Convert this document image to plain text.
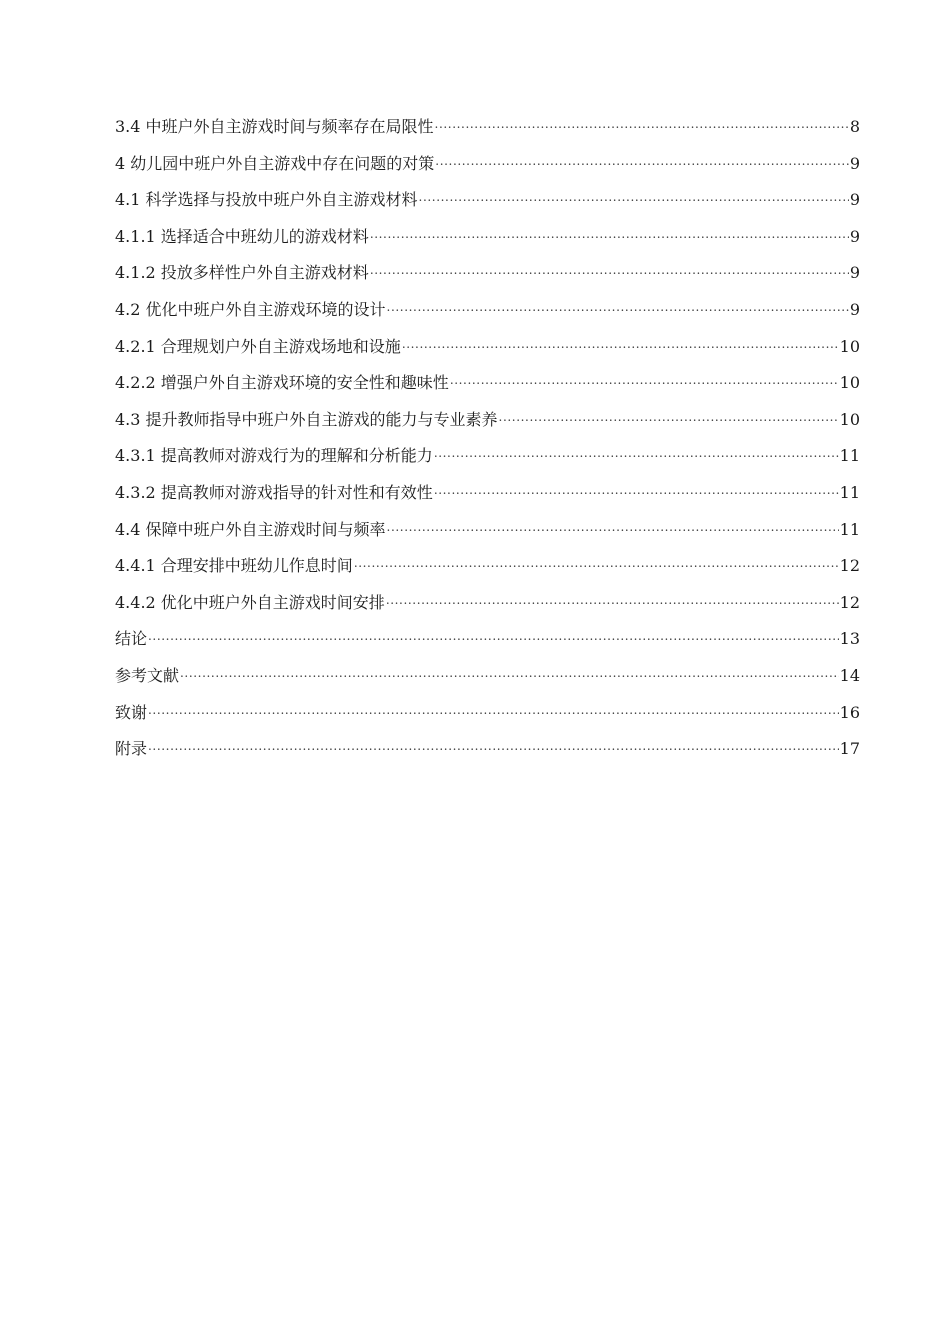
3.4 中班户外自主游戏时间与频率存在局限性 .....	8
4 幼儿园中班户外自主游戏中存在问题的对策 .....	9
4.1 科学选择与投放中班户外自主游戏材料 .....	9
4.1.1 选择适合中班幼儿的游戏材料 .....	9
4.1.2 投放多样性户外自主游戏材料 .....	9
4.2 优化中班户外自主游戏环境的设计 .....	9
4.2.1 合理规划户外自主游戏场地和设施 .....	10
4.2.2 增强户外自主游戏环境的安全性和趣味性 .....	10
4.3 提升教师指导中班户外自主游戏的能力与专业素养 .....	10
4.3.1 提高教师对游戏行为的理解和分析能力 .....	11
4.3.2 提高教师对游戏指导的针对性和有效性 .....	11
4.4 保障中班户外自主游戏时间与频率 .....	11
4.4.1 合理安排中班幼儿作息时间 .....	12
4.4.2 优化中班户外自主游戏时间安排 .....	12
结论 .....	13
参考文献 .....	14
致谢 .....	16
附录 .....	17
